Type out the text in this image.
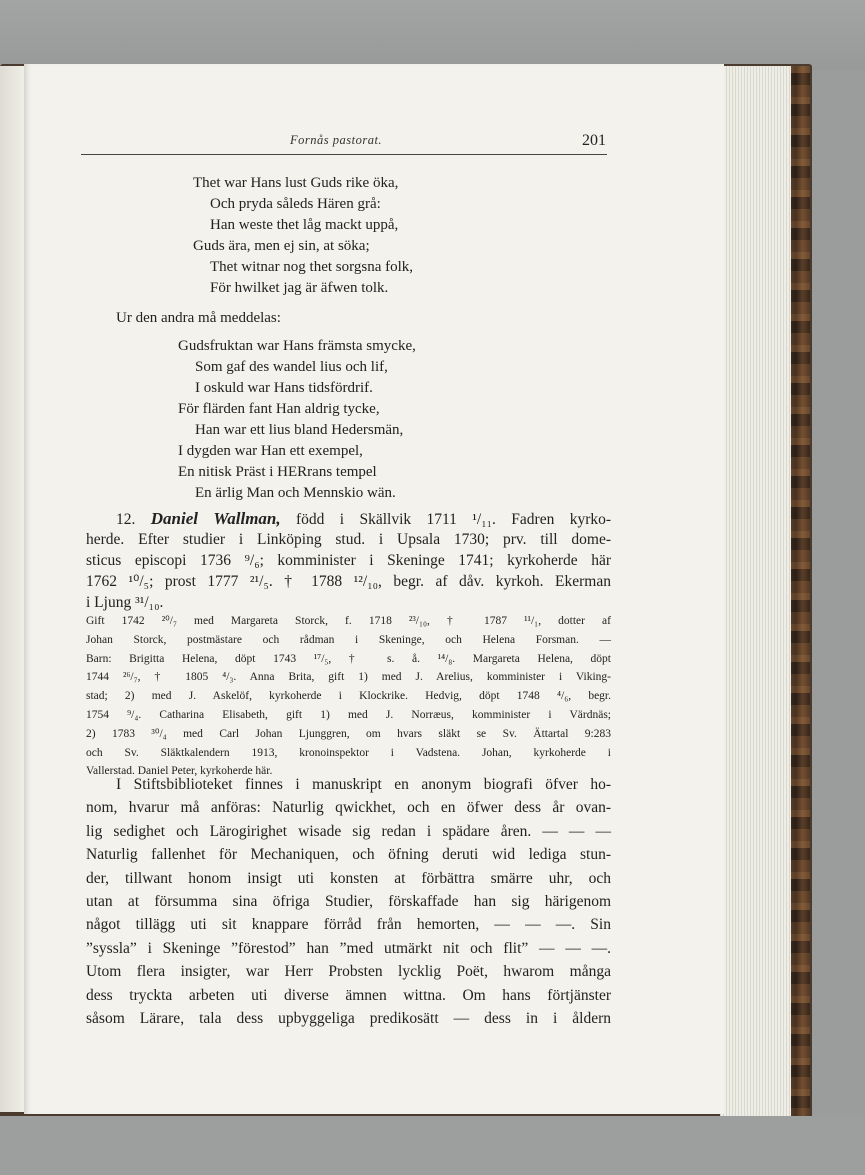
Fornås pastorat.	201
Thet war Hans lust Guds rike öka,
Och pryda såleds Hären grå:
Han weste thet låg mackt uppå,
Guds ära, men ej sin, at söka;
Thet witnar nog thet sorgsna folk,
För hwilket jag är äfwen tolk.
Ur den andra må meddelas:
Gudsfruktan war Hans främsta smycke,
Som gaf des wandel lius och lif,
I oskuld war Hans tidsfördrif.
För flärden fant Han aldrig tycke,
Han war ett lius bland Hedersmän,
I dygden war Han ett exempel,
En nitisk Präst i HERrans tempel
En ärlig Man och Mennskio wän.
12. Daniel Wallman, född i Skällvik 1711 ¹/₁₁. Fadren kyrko-
herde. Efter studier i Linköping stud. i Upsala 1730; prv. till dome-
sticus episcopi 1736 ⁹/₆; komminister i Skeninge 1741; kyrkoherde här
1762 ¹⁰/₅; prost 1777 ²¹/₅. † 1788 ¹²/₁₀, begr. af dåv. kyrkoh. Ekerman
i Ljung ³¹/₁₀.
Gift 1742 ²⁰/₇ med Margareta Storck, f. 1718 ²³/₁₀, † 1787 ¹¹/₁, dotter af
Johan Storck, postmästare och rådman i Skeninge, och Helena Forsman. —
Barn: Brigitta Helena, döpt 1743 ¹⁷/₅, † s. å. ¹⁴/₈. Margareta Helena, döpt
1744 ²⁶/₇, † 1805 ⁴/₃. Anna Brita, gift 1) med J. Arelius, komminister i Viking-
stad; 2) med J. Askelöf, kyrkoherde i Klockrike. Hedvig, döpt 1748 ⁴/₆, begr.
1754 ⁹/₄. Catharina Elisabeth, gift 1) med J. Norræus, komminister i Värdnäs;
2) 1783 ³⁰/₄ med Carl Johan Ljunggren, om hvars släkt se Sv. Ättartal 9:283
och Sv. Släktkalendern 1913, kronoinspektor i Vadstena. Johan, kyrkoherde i
Vallerstad. Daniel Peter, kyrkoherde här.
I Stiftsbiblioteket finnes i manuskript en anonym biografi öfver ho-
nom, hvarur må anföras: Naturlig qwickhet, och en öfwer dess år ovan-
lig sedighet och Lärogirighet wisade sig redan i spädare åren. — — —
Naturlig fallenhet för Mechaniquen, och öfning deruti wid lediga stun-
der, tillwant honom insigt uti konsten at förbättra smärre uhr, och
utan at försumma sina öfriga Studier, förskaffade han sig härigenom
något tillägg uti sit knappare förråd från hemorten, — — —. Sin
”syssla” i Skeninge ”förestod” han ”med utmärkt nit och flit” — — —.
Utom flera insigter, war Herr Probsten lycklig Poët, hwarom många
dess tryckta arbeten uti diverse ämnen wittna. Om hans förtjänster
såsom Lärare, tala dess upbyggeliga predikosätt — dess in i åldern
